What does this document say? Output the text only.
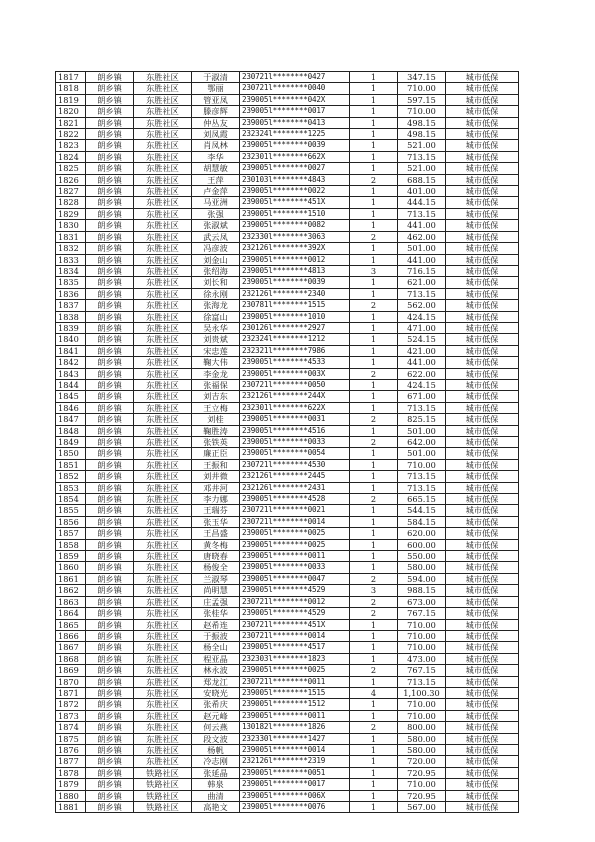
1817	朗乡镇	东胜社区	于淑清	230721l********0427	1	347.15	城市低保
1818	朗乡镇	东胜社区	鄂丽	230721l********0040	1	710.00	城市低保
1819	朗乡镇	东胜社区	管亚凤	239005l********042X	1	597.15	城市低保
1820	朗乡镇	东胜社区	滕彦辉	239005l********0017	1	710.00	城市低保
1821	朗乡镇	东胜社区	仲丛友	239005l********0413	1	498.15	城市低保
1822	朗乡镇	东胜社区	刘凤霞	232324l********1225	1	498.15	城市低保
1823	朗乡镇	东胜社区	肖凤林	239005l********0039	1	521.00	城市低保
1824	朗乡镇	东胜社区	李华	232301l********662X	1	713.15	城市低保
1825	朗乡镇	东胜社区	胡慧敏	239005l********0027	1	521.00	城市低保
1826	朗乡镇	东胜社区	王萍	230103l********4843	2	688.15	城市低保
1827	朗乡镇	东胜社区	卢金萍	239005l********0022	1	401.00	城市低保
1828	朗乡镇	东胜社区	马亚洲	239005l********451X	1	444.15	城市低保
1829	朗乡镇	东胜社区	张强	239005l********1510	1	713.15	城市低保
1830	朗乡镇	东胜社区	张淑斌	239005l********0082	1	441.00	城市低保
1831	朗乡镇	东胜社区	武云凤	232330l********3063	2	462.00	城市低保
1832	朗乡镇	东胜社区	冯彦波	232126l********392X	1	501.00	城市低保
1833	朗乡镇	东胜社区	刘金山	239005l********0012	1	441.00	城市低保
1834	朗乡镇	东胜社区	张绍海	239005l********4813	3	716.15	城市低保
1835	朗乡镇	东胜社区	刘长和	239005l********0039	1	621.00	城市低保
1836	朗乡镇	东胜社区	徐永刚	232126l********2340	1	713.15	城市低保
1837	朗乡镇	东胜社区	张海龙	230781l********1515	2	562.00	城市低保
1838	朗乡镇	东胜社区	徐富山	239005l********1010	1	424.15	城市低保
1839	朗乡镇	东胜社区	吴永华	230126l********2927	1	471.00	城市低保
1840	朗乡镇	东胜社区	刘贵斌	232324l********1212	1	524.15	城市低保
1841	朗乡镇	东胜社区	宋忠莲	232321l********7986	1	421.00	城市低保
1842	朗乡镇	东胜社区	鞠大伟	239005l********4533	1	441.00	城市低保
1843	朗乡镇	东胜社区	李金龙	239005l********003X	2	622.00	城市低保
1844	朗乡镇	东胜社区	张福保	230721l********0050	1	424.15	城市低保
1845	朗乡镇	东胜社区	刘吉东	232126l********244X	1	671.00	城市低保
1846	朗乡镇	东胜社区	王立梅	232301l********622X	1	713.15	城市低保
1847	朗乡镇	东胜社区	刘桂	239005l********0031	2	825.15	城市低保
1848	朗乡镇	东胜社区	鞠胜涛	239005l********4516	1	501.00	城市低保
1849	朗乡镇	东胜社区	张铁英	239005l********0033	2	642.00	城市低保
1850	朗乡镇	东胜社区	廉正臣	239005l********0054	1	501.00	城市低保
1851	朗乡镇	东胜社区	王振和	230721l********4530	1	710.00	城市低保
1852	朗乡镇	东胜社区	刘井微	232126l********2445	1	713.15	城市低保
1853	朗乡镇	东胜社区	邓井河	232126l********2431	1	713.15	城市低保
1854	朗乡镇	东胜社区	李力娜	239005l********4528	2	665.15	城市低保
1855	朗乡镇	东胜社区	王瑞芬	230721l********0021	1	544.15	城市低保
1856	朗乡镇	东胜社区	张玉华	230721l********0014	1	584.15	城市低保
1857	朗乡镇	东胜社区	王昌盛	239005l********0025	1	620.00	城市低保
1858	朗乡镇	东胜社区	黄冬梅	239005l********0025	1	600.00	城市低保
1859	朗乡镇	东胜社区	唐晓春	239005l********0011	1	550.00	城市低保
1860	朗乡镇	东胜社区	杨俊全	239005l********0033	1	580.00	城市低保
1861	朗乡镇	东胜社区	兰淑琴	239005l********0047	2	594.00	城市低保
1862	朗乡镇	东胜社区	尚明慧	239005l********4529	3	988.15	城市低保
1863	朗乡镇	东胜社区	庄孟强	230721l********0012	2	673.00	城市低保
1864	朗乡镇	东胜社区	张桂华	239005l********4529	2	767.15	城市低保
1865	朗乡镇	东胜社区	赵希连	230721l********451X	1	710.00	城市低保
1866	朗乡镇	东胜社区	于振波	230721l********0014	1	710.00	城市低保
1867	朗乡镇	东胜社区	杨全山	239005l********4517	1	710.00	城市低保
1868	朗乡镇	东胜社区	程亚晶	232303l********1823	1	473.00	城市低保
1869	朗乡镇	东胜社区	林永波	239005l********0025	2	767.15	城市低保
1870	朗乡镇	东胜社区	郑龙江	230721l********0011	1	713.15	城市低保
1871	朗乡镇	东胜社区	安晓光	239005l********1515	4	1,100.30	城市低保
1872	朗乡镇	东胜社区	张希庆	239005l********1512	1	710.00	城市低保
1873	朗乡镇	东胜社区	赵元峰	239005l********0011	1	710.00	城市低保
1874	朗乡镇	东胜社区	何云燕	130182l********1826	2	800.00	城市低保
1875	朗乡镇	东胜社区	段文波	232330l********1427	1	580.00	城市低保
1876	朗乡镇	东胜社区	杨帆	239005l********0014	1	580.00	城市低保
1877	朗乡镇	东胜社区	冷志刚	232126l********2319	1	720.00	城市低保
1878	朗乡镇	铁路社区	张延晶	239005l********0051	1	720.95	城市低保
1879	朗乡镇	铁路社区	韩泉	239005l********0017	1	710.00	城市低保
1880	朗乡镇	铁路社区	曲清	239005l********006X	1	720.95	城市低保
1881	朗乡镇	铁路社区	高艳文	239005l********0076	1	567.00	城市低保
